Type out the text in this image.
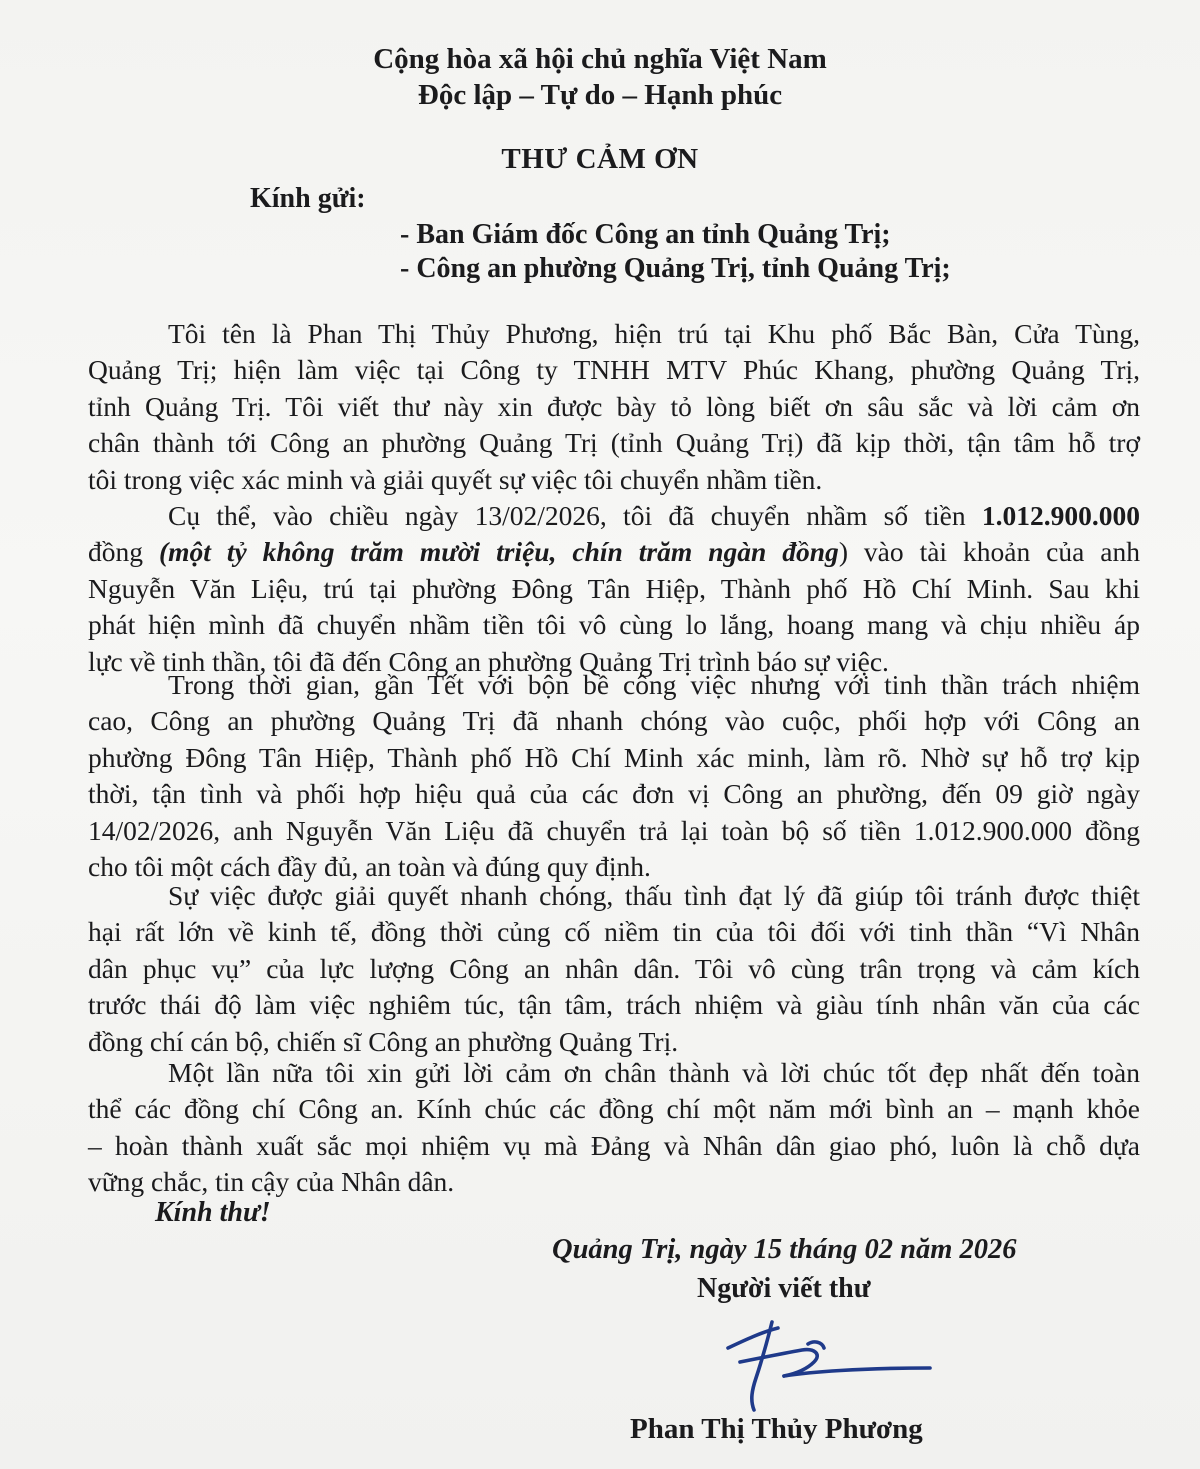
Cộng hòa xã hội chủ nghĩa Việt Nam
Độc lập – Tự do – Hạnh phúc
THƯ CẢM ƠN
Kính gửi:
- Ban Giám đốc Công an tỉnh Quảng Trị;
- Công an phường Quảng Trị, tỉnh Quảng Trị;
Tôi tên là Phan Thị Thủy Phương, hiện trú tại Khu phố Bắc Bàn, Cửa Tùng,
Quảng Trị; hiện làm việc tại Công ty TNHH MTV Phúc Khang, phường Quảng Trị,
tỉnh Quảng Trị. Tôi viết thư này xin được bày tỏ lòng biết ơn sâu sắc và lời cảm ơn
chân thành tới Công an phường Quảng Trị (tỉnh Quảng Trị) đã kịp thời, tận tâm hỗ trợ
tôi trong việc xác minh và giải quyết sự việc tôi chuyển nhầm tiền.
Cụ thể, vào chiều ngày 13/02/2026, tôi đã chuyển nhầm số tiền 1.012.900.000
đồng (một tỷ không trăm mười triệu, chín trăm ngàn đồng) vào tài khoản của anh
Nguyễn Văn Liệu, trú tại phường Đông Tân Hiệp, Thành phố Hồ Chí Minh. Sau khi
phát hiện mình đã chuyển nhầm tiền tôi vô cùng lo lắng, hoang mang và chịu nhiều áp
lực về tinh thần, tôi đã đến Công an phường Quảng Trị trình báo sự việc.
Trong thời gian, gần Tết với bộn bề công việc nhưng với tinh thần trách nhiệm
cao, Công an phường Quảng Trị đã nhanh chóng vào cuộc, phối hợp với Công an
phường Đông Tân Hiệp, Thành phố Hồ Chí Minh xác minh, làm rõ. Nhờ sự hỗ trợ kịp
thời, tận tình và phối hợp hiệu quả của các đơn vị Công an phường, đến 09 giờ ngày
14/02/2026, anh Nguyễn Văn Liệu đã chuyển trả lại toàn bộ số tiền 1.012.900.000 đồng
cho tôi một cách đầy đủ, an toàn và đúng quy định.
Sự việc được giải quyết nhanh chóng, thấu tình đạt lý đã giúp tôi tránh được thiệt
hại rất lớn về kinh tế, đồng thời củng cố niềm tin của tôi đối với tinh thần “Vì Nhân
dân phục vụ” của lực lượng Công an nhân dân. Tôi vô cùng trân trọng và cảm kích
trước thái độ làm việc nghiêm túc, tận tâm, trách nhiệm và giàu tính nhân văn của các
đồng chí cán bộ, chiến sĩ Công an phường Quảng Trị.
Một lần nữa tôi xin gửi lời cảm ơn chân thành và lời chúc tốt đẹp nhất đến toàn
thể các đồng chí Công an. Kính chúc các đồng chí một năm mới bình an – mạnh khỏe
– hoàn thành xuất sắc mọi nhiệm vụ mà Đảng và Nhân dân giao phó, luôn là chỗ dựa
vững chắc, tin cậy của Nhân dân.
Kính thư!
Quảng Trị, ngày 15 tháng 02 năm 2026
Người viết thư
Phan Thị Thủy Phương
